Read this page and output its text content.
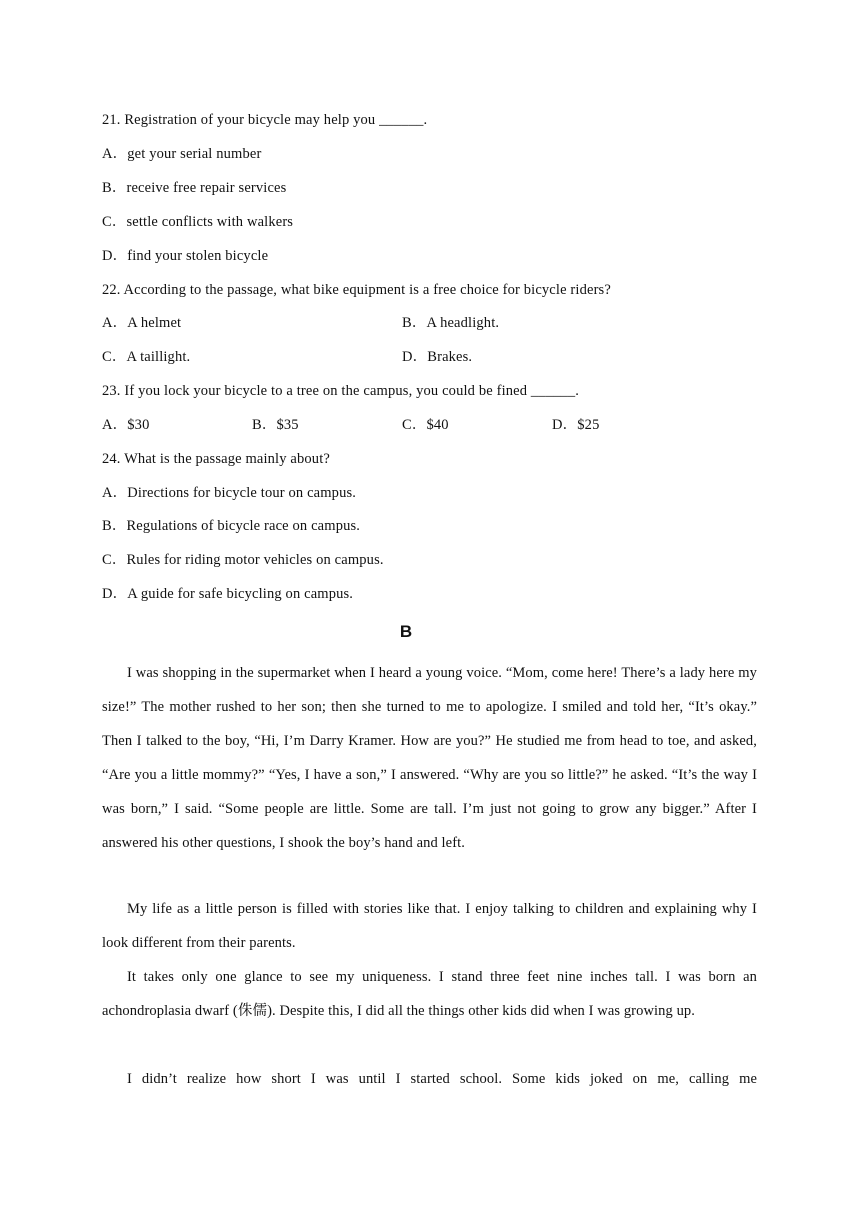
21. Registration of your bicycle may help you ______.
A．get your serial number
B．receive free repair services
C．settle conflicts with walkers
D．find your stolen bicycle
22. According to the passage, what bike equipment is a free choice for bicycle riders?
A．A helmet	B．A headlight.
C．A taillight.	D．Brakes.
23. If you lock your bicycle to a tree on the campus, you could be fined ______.
A．$30	B．$35	C．$40	D．$25
24. What is the passage mainly about?
A．Directions for bicycle tour on campus.
B．Regulations of bicycle race on campus.
C．Rules for riding motor vehicles on campus.
D．A guide for safe bicycling on campus.
B
I was shopping in the supermarket when I heard a young voice. “Mom, come here! There’s a lady here my size!” The mother rushed to her son; then she turned to me to apologize. I smiled and told her, “It’s okay.” Then I talked to the boy, “Hi, I’m Darry Kramer. How are you?” He studied me from head to toe, and asked, “Are you a little mommy?” “Yes, I have a son,” I answered. “Why are you so little?” he asked. “It’s the way I was born,” I said. “Some people are little. Some are tall. I’m just not going to grow any bigger.” After I answered his other questions, I shook the boy’s hand and left.
My life as a little person is filled with stories like that. I enjoy talking to children and explaining why I look different from their parents.
It takes only one glance to see my uniqueness. I stand three feet nine inches tall. I was born an achondroplasia dwarf (侏儒). Despite this, I did all the things other kids did when I was growing up.
I didn’t realize how short I was until I started school. Some kids joked on me, calling me
